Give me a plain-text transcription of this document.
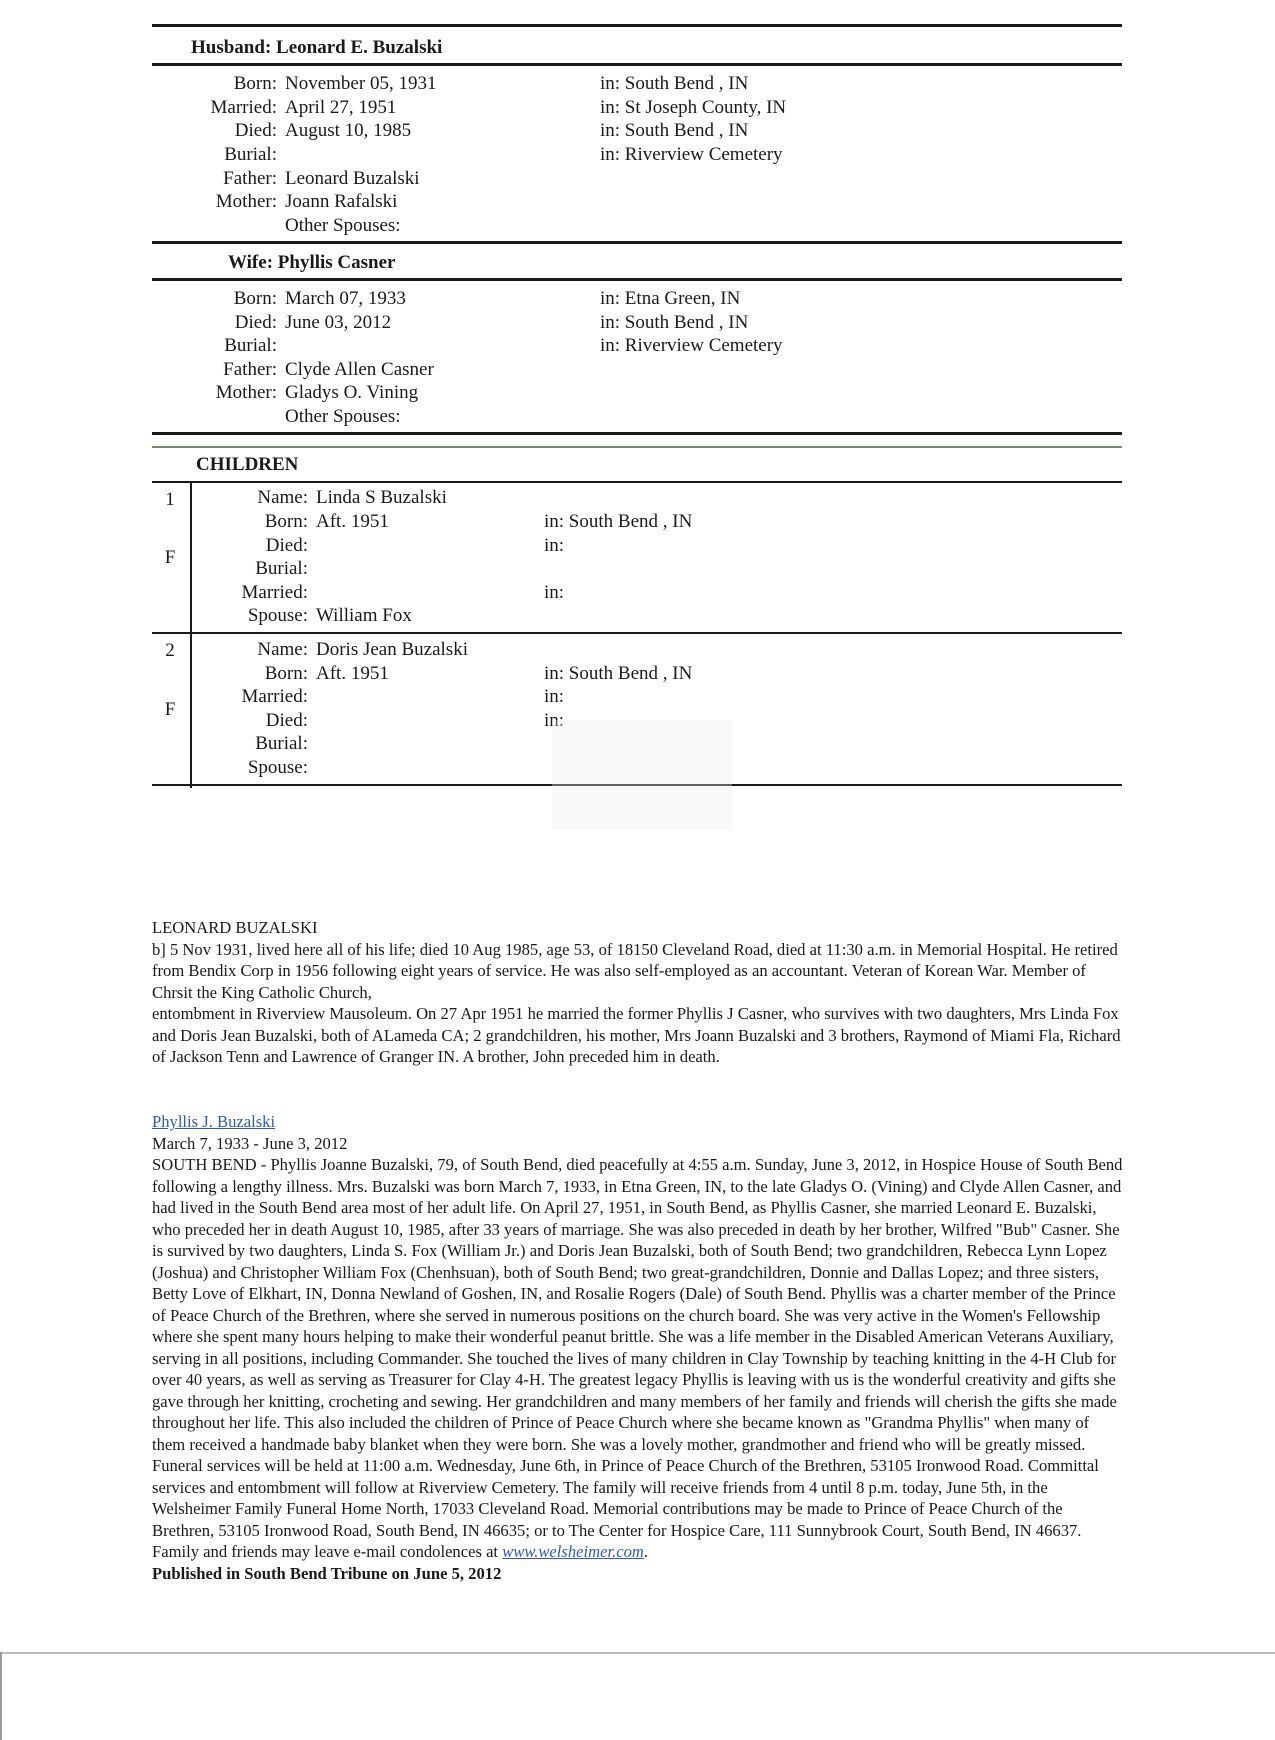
Husband: Leonard E. Buzalski
Born: November 05, 1931	in: South Bend , IN
Married: April 27, 1951	in: St Joseph County, IN
Died: August 10, 1985	in: South Bend , IN
Burial:	in: Riverview Cemetery
Father: Leonard Buzalski
Mother: Joann Rafalski
Other Spouses:
Wife: Phyllis Casner
Born: March 07, 1933	in: Etna Green, IN
Died: June 03, 2012	in: South Bend , IN
Burial:	in: Riverview Cemetery
Father: Clyde Allen Casner
Mother: Gladys O. Vining
Other Spouses:
CHILDREN
1
F
Name: Linda S Buzalski
Born: Aft. 1951	in: South Bend , IN
Died:	in:
Burial:
Married:	in:
Spouse: William Fox
2
F
Name: Doris Jean Buzalski
Born: Aft. 1951	in: South Bend , IN
Married:	in:
Died:	in:
Burial:
Spouse:

LEONARD BUZALSKI

b] 5 Nov 1931, lived here all of his life; died 10 Aug 1985, age 53, of 18150 Cleveland Road, died at 11:30 a.m. in Memorial Hospital. He retired from Bendix Corp in 1956 following eight years of service. He was also self-employed as an accountant. Veteran of Korean War. Member of Chrsit the King Catholic Church,

entombment in Riverview Mausoleum. On 27 Apr 1951 he married the former Phyllis J Casner, who survives with two daughters, Mrs Linda Fox and Doris Jean Buzalski, both of ALameda CA; 2 grandchildren, his mother, Mrs Joann Buzalski and 3 brothers, Raymond of Miami Fla, Richard of Jackson Tenn and Lawrence of Granger IN. A brother, John preceded him in death.

Phyllis J. Buzalski

March 7, 1933 - June 3, 2012

SOUTH BEND - Phyllis Joanne Buzalski, 79, of South Bend, died peacefully at 4:55 a.m. Sunday, June 3, 2012, in Hospice House of South Bend following a lengthy illness. Mrs. Buzalski was born March 7, 1933, in Etna Green, IN, to the late Gladys O. (Vining) and Clyde Allen Casner, and had lived in the South Bend area most of her adult life. On April 27, 1951, in South Bend, as Phyllis Casner, she married Leonard E. Buzalski, who preceded her in death August 10, 1985, after 33 years of marriage. She was also preceded in death by her brother, Wilfred "Bub" Casner. She is survived by two daughters, Linda S. Fox (William Jr.) and Doris Jean Buzalski, both of South Bend; two grandchildren, Rebecca Lynn Lopez (Joshua) and Christopher William Fox (Chenhsuan), both of South Bend; two great-grandchildren, Donnie and Dallas Lopez; and three sisters, Betty Love of Elkhart, IN, Donna Newland of Goshen, IN, and Rosalie Rogers (Dale) of South Bend. Phyllis was a charter member of the Prince of Peace Church of the Brethren, where she served in numerous positions on the church board. She was very active in the Women's Fellowship where she spent many hours helping to make their wonderful peanut brittle. She was a life member in the Disabled American Veterans Auxiliary, serving in all positions, including Commander. She touched the lives of many children in Clay Township by teaching knitting in the 4-H Club for over 40 years, as well as serving as Treasurer for Clay 4-H. The greatest legacy Phyllis is leaving with us is the wonderful creativity and gifts she gave through her knitting, crocheting and sewing. Her grandchildren and many members of her family and friends will cherish the gifts she made throughout her life. This also included the children of Prince of Peace Church where she became known as "Grandma Phyllis" when many of them received a handmade baby blanket when they were born. She was a lovely mother, grandmother and friend who will be greatly missed. Funeral services will be held at 11:00 a.m. Wednesday, June 6th, in Prince of Peace Church of the Brethren, 53105 Ironwood Road. Committal services and entombment will follow at Riverview Cemetery. The family will receive friends from 4 until 8 p.m. today, June 5th, in the Welsheimer Family Funeral Home North, 17033 Cleveland Road. Memorial contributions may be made to Prince of Peace Church of the Brethren, 53105 Ironwood Road, South Bend, IN 46635; or to The Center for Hospice Care, 111 Sunnybrook Court, South Bend, IN 46637. Family and friends may leave e-mail condolences at www.welsheimer.com.

Published in South Bend Tribune on June 5, 2012
